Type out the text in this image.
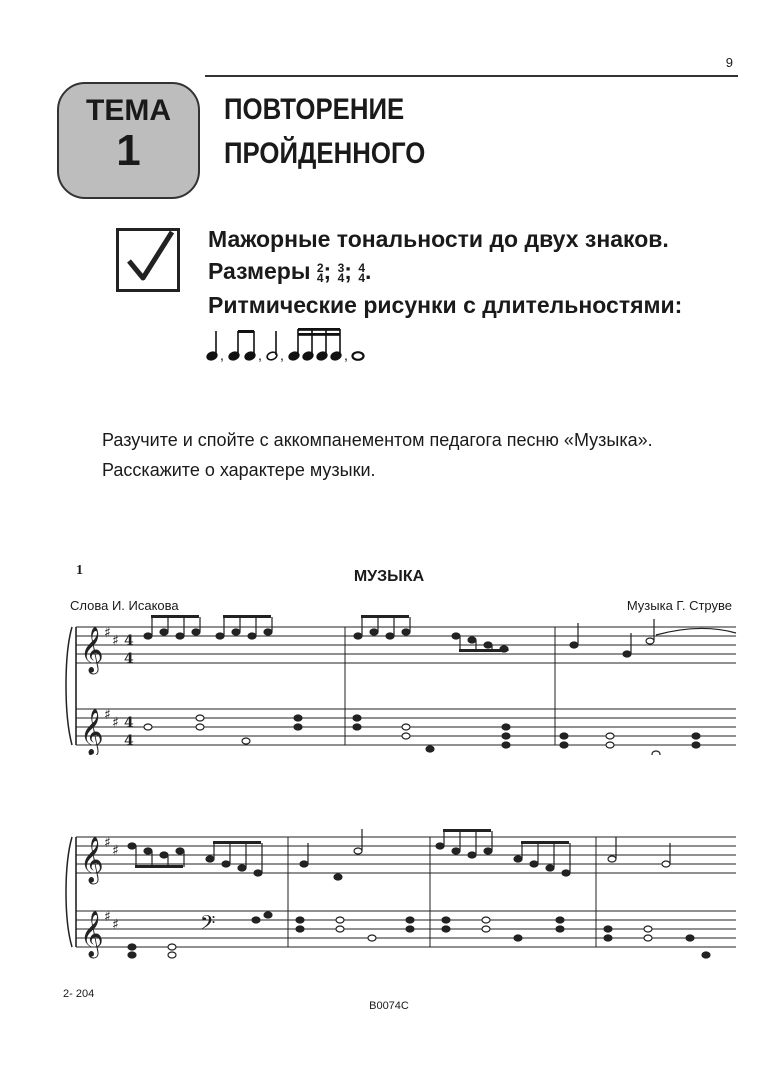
9
ТЕМА
1
ПОВТОРЕНИЕ
ПРОЙДЕННОГО
Мажорные тональности до двух знаков.
Размеры 2
4 ; 3
4 ; 4
4 .
Ритмические рисунки с длительностями:
, , ,	,
Разучите и спойте с аккомпанементом педагога песню «Музыка». Расскажите о характере музыки.
1	МУЗЫКА
Слова И. Исакова	Музыка Г. Струве
𝄞
𝄞
♯ ♯
♯ ♯
4
4
4
4
𝄞
𝄞
♯ ♯
♯ ♯	𝄢
2- 204
B0074C
